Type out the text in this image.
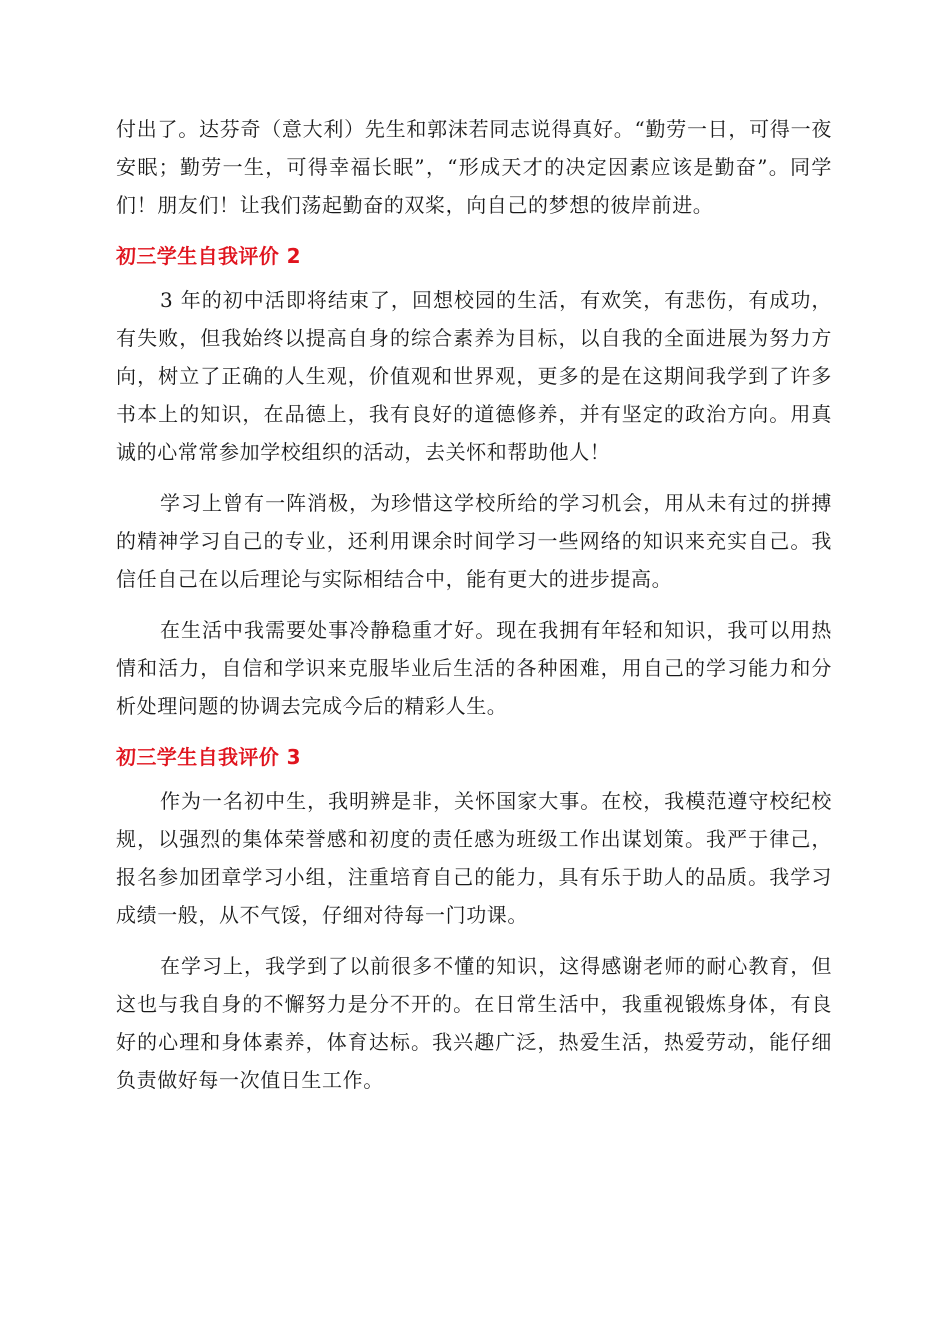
付出了。达芬奇（意大利）先生和郭沫若同志说得真好。“勤劳一日，可得一夜安眠；勤劳一生，可得幸福长眠”，“形成天才的决定因素应该是勤奋”。同学们！朋友们！让我们荡起勤奋的双桨，向自己的梦想的彼岸前进。

初三学生自我评价 2

3 年的初中活即将结束了，回想校园的生活，有欢笑，有悲伤，有成功，有失败，但我始终以提高自身的综合素养为目标，以自我的全面进展为努力方向，树立了正确的人生观，价值观和世界观，更多的是在这期间我学到了许多书本上的知识，在品德上，我有良好的道德修养，并有坚定的政治方向。用真诚的心常常参加学校组织的活动，去关怀和帮助他人！

学习上曾有一阵消极，为珍惜这学校所给的学习机会，用从未有过的拼搏的精神学习自己的专业，还利用课余时间学习一些网络的知识来充实自己。我信任自己在以后理论与实际相结合中，能有更大的进步提高。

在生活中我需要处事冷静稳重才好。现在我拥有年轻和知识，我可以用热情和活力，自信和学识来克服毕业后生活的各种困难，用自己的学习能力和分析处理问题的协调去完成今后的精彩人生。

初三学生自我评价 3

作为一名初中生，我明辨是非，关怀国家大事。在校，我模范遵守校纪校规，以强烈的集体荣誉感和初度的责任感为班级工作出谋划策。我严于律己，报名参加团章学习小组，注重培育自己的能力，具有乐于助人的品质。我学习成绩一般，从不气馁，仔细对待每一门功课。

在学习上，我学到了以前很多不懂的知识，这得感谢老师的耐心教育，但这也与我自身的不懈努力是分不开的。在日常生活中，我重视锻炼身体，有良好的心理和身体素养，体育达标。我兴趣广泛，热爱生活，热爱劳动，能仔细负责做好每一次值日生工作。
